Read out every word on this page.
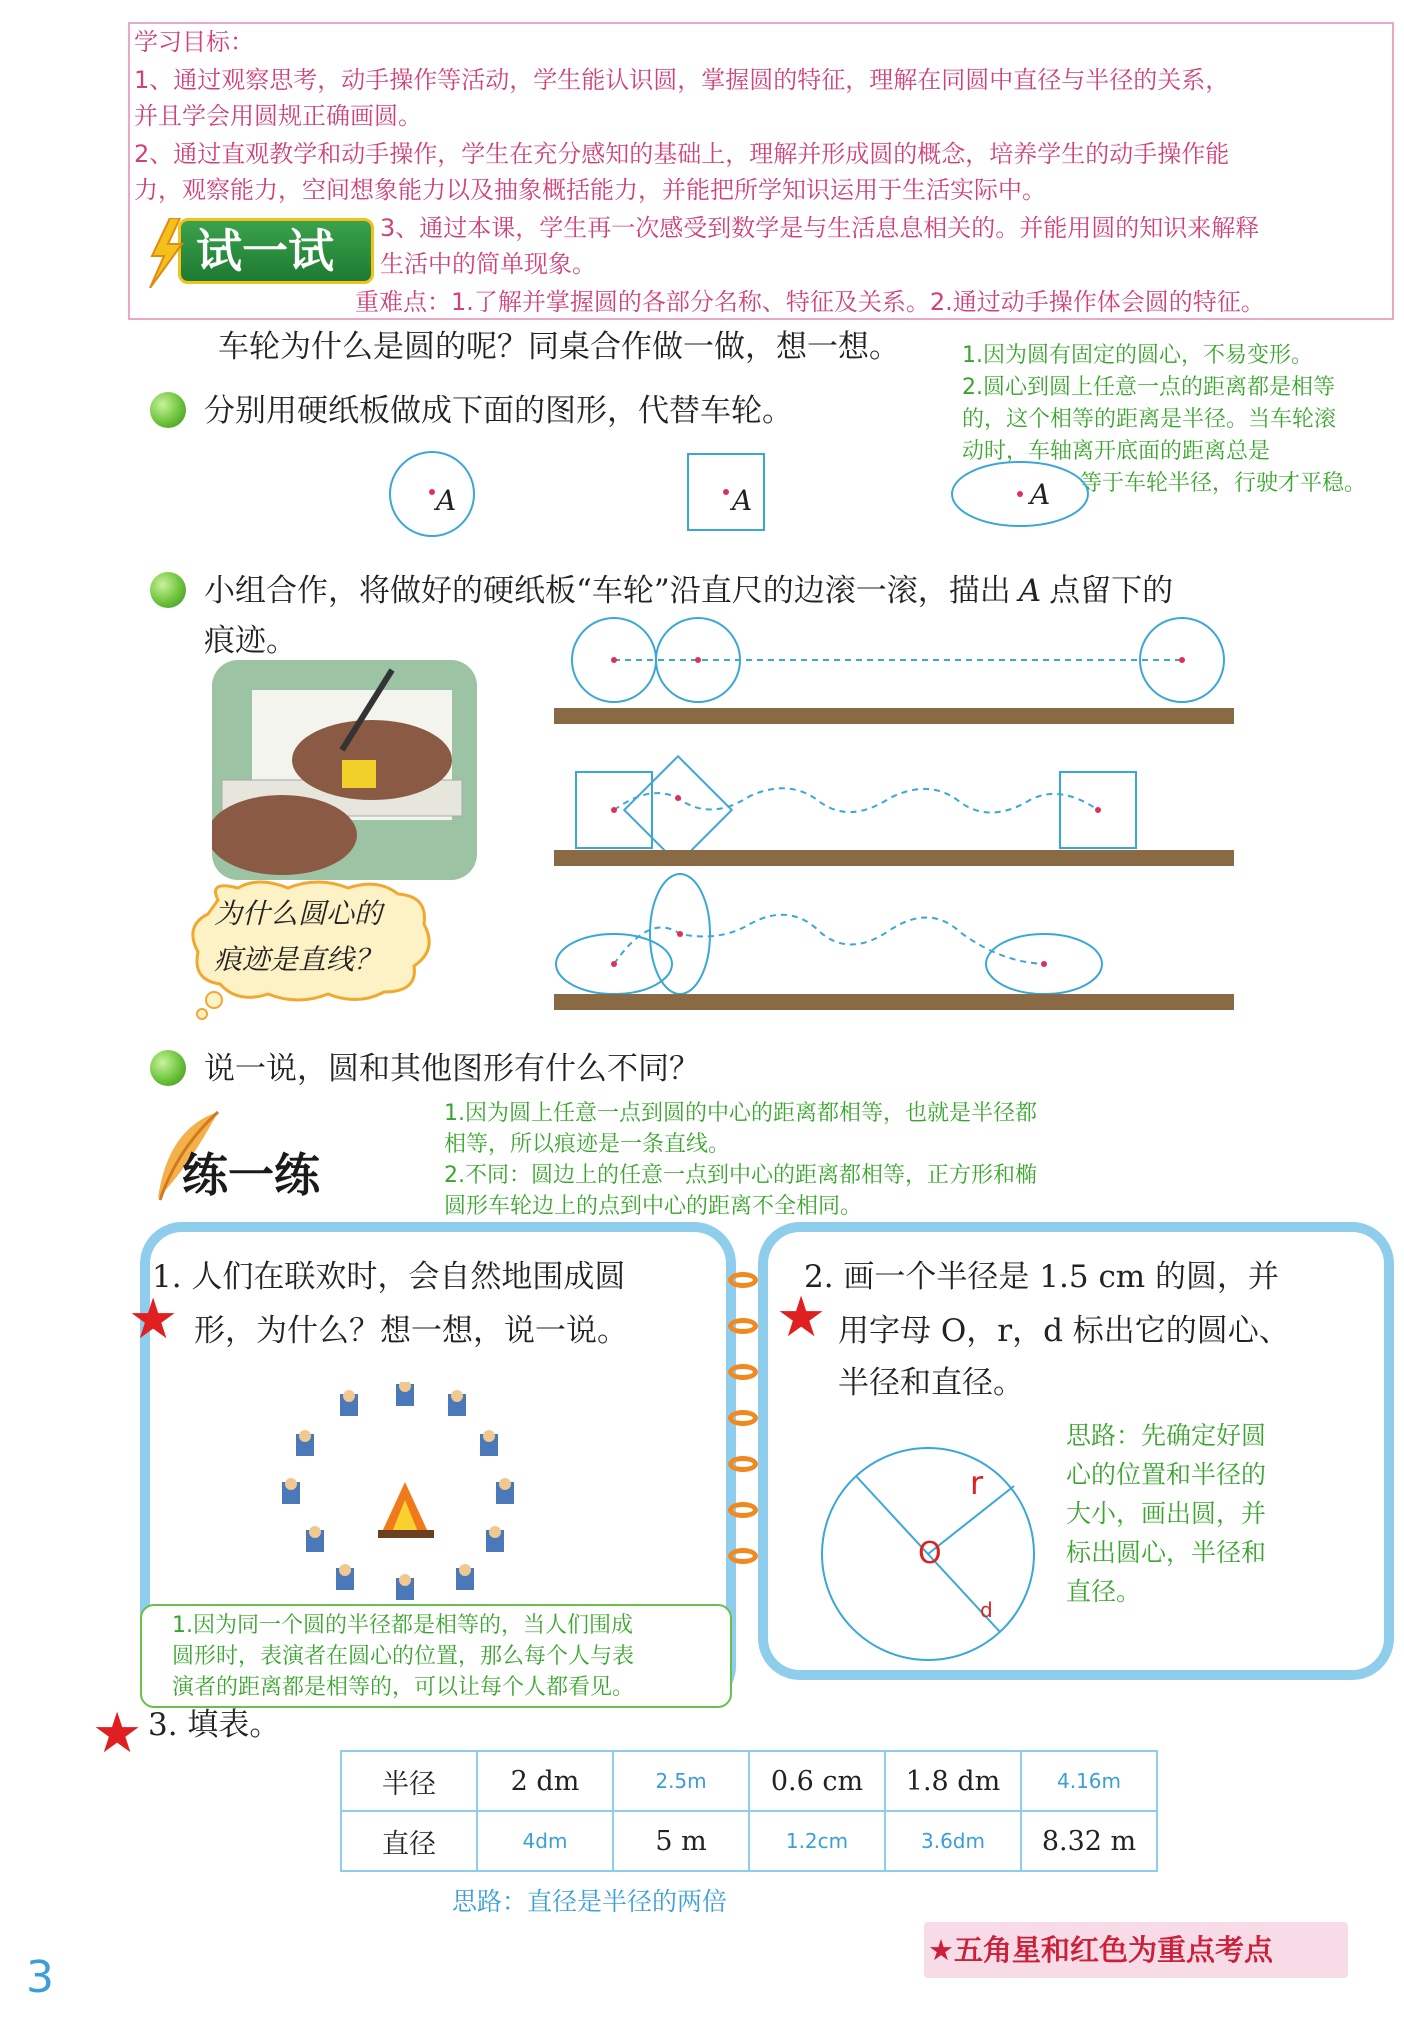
学习目标：
1、通过观察思考，动手操作等活动，学生能认识圆，掌握圆的特征，理解在同圆中直径与半径的关系，
并且学会用圆规正确画圆。
2、通过直观教学和动手操作，学生在充分感知的基础上，理解并形成圆的概念，培养学生的动手操作能
力，观察能力，空间想象能力以及抽象概括能力，并能把所学知识运用于生活实际中。
3、通过本课，学生再一次感受到数学是与生活息息相关的。并能用圆的知识来解释
生活中的简单现象。
重难点：1.了解并掌握圆的各部分名称、特征及关系。2.通过动手操作体会圆的特征。
试一试
车轮为什么是圆的呢？同桌合作做一做，想一想。	1.因为圆有固定的圆心，不易变形。
2.圆心到圆上任意一点的距离都是相等
的，这个相等的距离是半径。当车轮滚
动时，车轴离开底面的距离总是
等于车轮半径，行驶才平稳。
分别用硬纸板做成下面的图形，代替车轮。
A	A	A
小组合作，将做好的硬纸板“车轮”沿直尺的边滚一滚，描出 A 点留下的
痕迹。
为什么圆心的
痕迹是直线？
说一说，圆和其他图形有什么不同？
1.因为圆上任意一点到圆的中心的距离都相等，也就是半径都
相等，所以痕迹是一条直线。
2.不同：圆边上的任意一点到中心的距离都相等，正方形和椭
圆形车轮边上的点到中心的距离不全相同。
练一练
★
1. 人们在联欢时，会自然地围成圆
形，为什么？想一想，说一说。
1.因为同一个圆的半径都是相等的，当人们围成
圆形时，表演者在圆心的位置，那么每个人与表
演者的距离都是相等的，可以让每个人都看见。
★
2. 画一个半径是 1.5 cm 的圆，并
用字母 O，r，d 标出它的圆心、
半径和直径。
O
r
d
思路：先确定好圆
心的位置和半径的
大小，画出圆，并
标出圆心，半径和
直径。
★ 3. 填表。
半径	2 dm	2.5m	0.6 cm	1.8 dm	4.16m
直径	4dm	5 m	1.2cm	3.6dm	8.32 m
思路：直径是半径的两倍
★五角星和红色为重点考点
3
